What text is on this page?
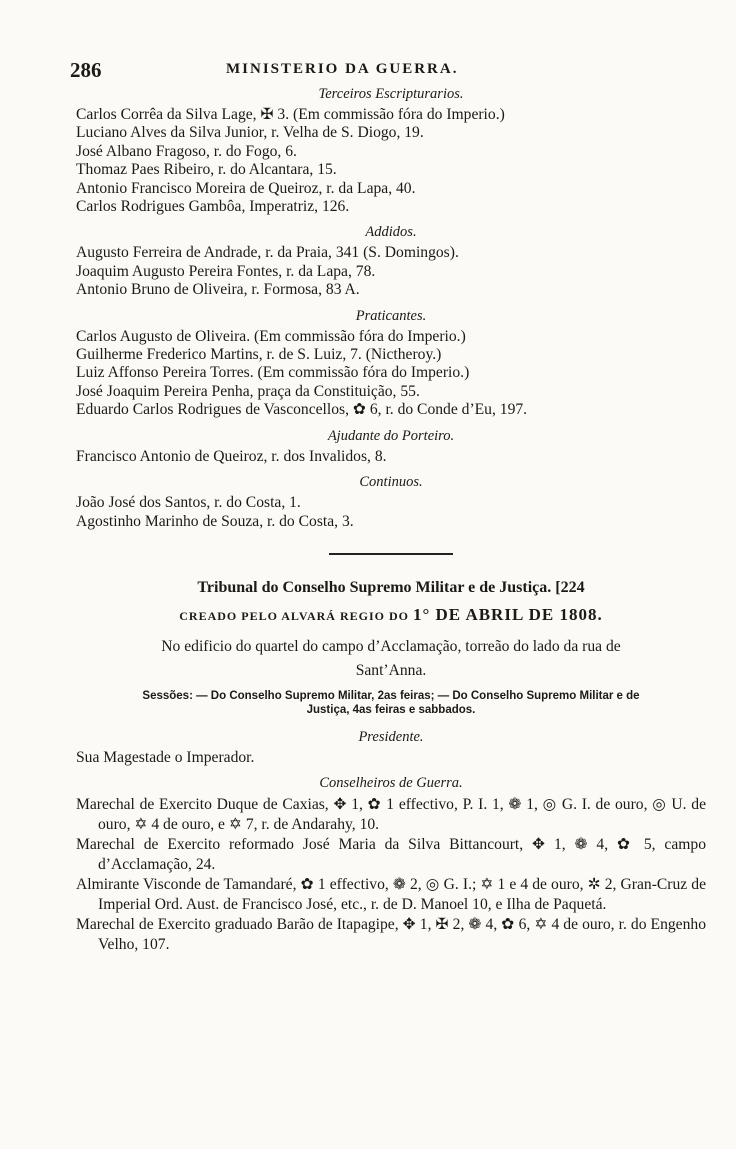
286	MINISTERIO DA GUERRA.
Terceiros Escripturarios.
Carlos Corrêa da Silva Lage, ✠ 3. (Em commissão fóra do Imperio.)
Luciano Alves da Silva Junior, r. Velha de S. Diogo, 19.
José Albano Fragoso, r. do Fogo, 6.
Thomaz Paes Ribeiro, r. do Alcantara, 15.
Antonio Francisco Moreira de Queiroz, r. da Lapa, 40.
Carlos Rodrigues Gambôa, Imperatriz, 126.
Addidos.
Augusto Ferreira de Andrade, r. da Praia, 341 (S. Domingos).
Joaquim Augusto Pereira Fontes, r. da Lapa, 78.
Antonio Bruno de Oliveira, r. Formosa, 83 A.
Praticantes.
Carlos Augusto de Oliveira. (Em commissão fóra do Imperio.)
Guilherme Frederico Martins, r. de S. Luiz, 7. (Nictheroy.)
Luiz Affonso Pereira Torres. (Em commissão fóra do Imperio.)
José Joaquim Pereira Penha, praça da Constituição, 55.
Eduardo Carlos Rodrigues de Vasconcellos, ✿ 6, r. do Conde d’Eu, 197.
Ajudante do Porteiro.
Francisco Antonio de Queiroz, r. dos Invalidos, 8.
Continuos.
João José dos Santos, r. do Costa, 1.
Agostinho Marinho de Souza, r. do Costa, 3.
Tribunal do Conselho Supremo Militar e de Justiça. [224
CREADO PELO ALVARÁ REGIO DO 1° DE ABRIL DE 1808.
No edificio do quartel do campo d’Acclamação, torreão do lado da rua de
Sant’Anna.
Sessões: — Do Conselho Supremo Militar, 2as feiras; — Do Conselho Supremo Militar e de
Justiça, 4as feiras e sabbados.
Presidente.
Sua Magestade o Imperador.
Conselheiros de Guerra.
Marechal de Exercito Duque de Caxias, ✥ 1, ✿ 1 effectivo, P. I. 1, ❁ 1, ◎ G. I. de ouro, ◎ U. de ouro, ✡ 4 de ouro, e ✡ 7, r. de Andarahy, 10.
Marechal de Exercito reformado José Maria da Silva Bittancourt, ✥ 1, ❁ 4, ✿ 5, campo d’Acclamação, 24.
Almirante Visconde de Tamandaré, ✿ 1 effectivo, ❁ 2, ◎ G. I.; ✡ 1 e 4 de ouro, ✲ 2, Gran-Cruz de Imperial Ord. Aust. de Francisco José, etc., r. de D. Manoel 10, e Ilha de Paquetá.
Marechal de Exercito graduado Barão de Itapagipe, ✥ 1, ✠ 2, ❁ 4, ✿ 6, ✡ 4 de ouro, r. do Engenho Velho, 107.
